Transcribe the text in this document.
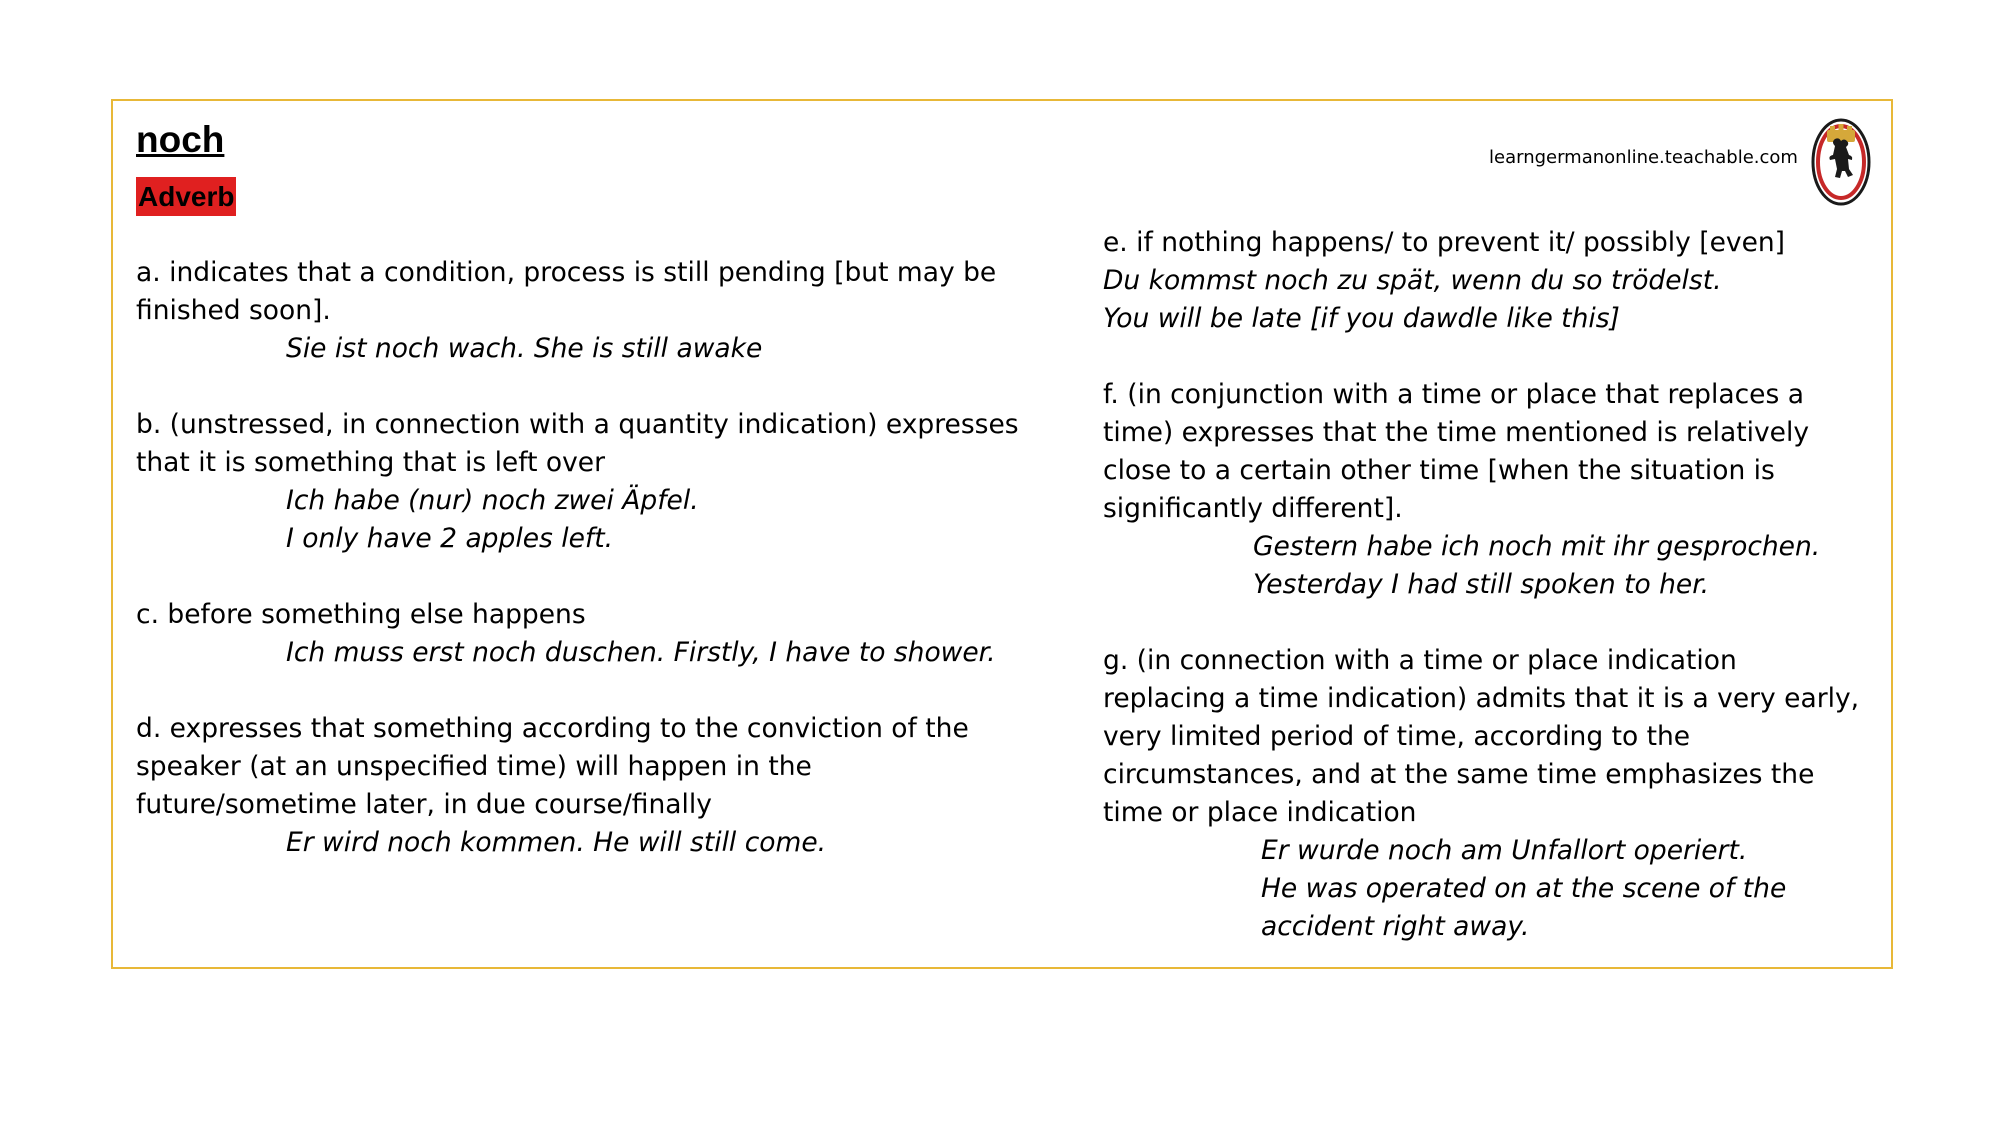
noch
Adverb
learngermanonline.teachable.com
a. indicates that a condition, process is still pending [but may be finished soon].
Sie ist noch wach. She is still awake
b. (unstressed, in connection with a quantity indication) expresses that it is something that is left over
Ich habe (nur) noch zwei Äpfel.
I only have 2 apples left.
c. before something else happens
Ich muss erst noch duschen. Firstly, I have to shower.
d. expresses that something according to the conviction of the speaker (at an unspecified time) will happen in the future/sometime later, in due course/finally
Er wird noch kommen. He will still come.
e. if nothing happens/ to prevent it/ possibly [even]
Du kommst noch zu spät, wenn du so trödelst.
You will be late [if you dawdle like this]
f. (in conjunction with a time or place that replaces a time) expresses that the time mentioned is relatively close to a certain other time [when the situation is significantly different].
Gestern habe ich noch mit ihr gesprochen.
Yesterday I had still spoken to her.
g. (in connection with a time or place indication replacing a time indication) admits that it is a very early, very limited period of time, according to the circumstances, and at the same time emphasizes the time or place indication
Er wurde noch am Unfallort operiert.
He was operated on at the scene of the
accident right away.
